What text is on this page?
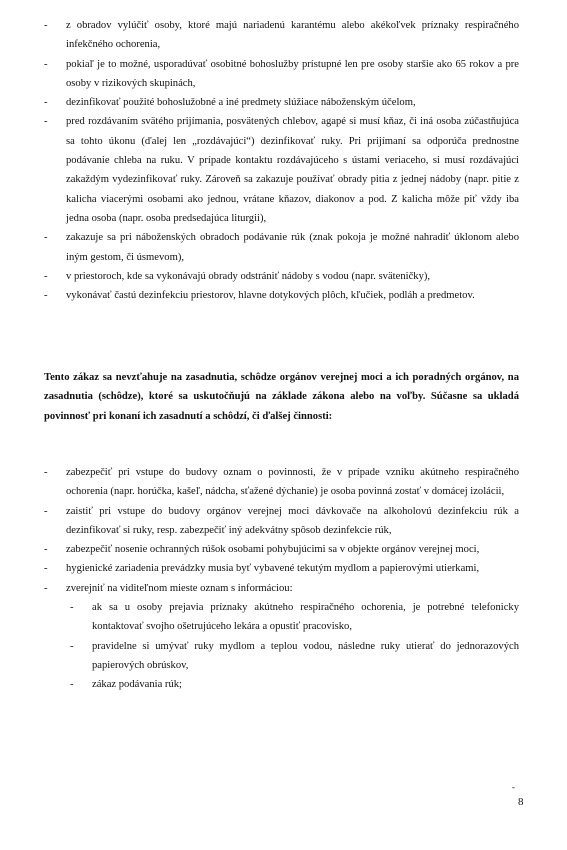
- z obradov vylúčiť osoby, ktoré majú nariadenú karantému alebo akékoľvek príznaky respiračného infekčného ochorenia,
- pokiaľ je to možné, usporadúvať osobitné bohoslužby prístupné len pre osoby staršie ako 65 rokov a pre osoby v rizikových skupinách,
- dezinfikovať použité bohoslužobné a iné predmety slúžiace náboženským účelom,
- pred rozdávaním svätého prijímania, posvätených chlebov, agapé si musí kňaz, či iná osoba zúčastňujúca sa tohto úkonu (ďalej len „rozdávajúci“) dezinfikovať ruky. Pri prijímaní sa odporúča prednostne podávanie chleba na ruku. V prípade kontaktu rozdávajúceho s ústami veriaceho, si musí rozdávajúci zakaždým vydezinfikovať ruky. Zároveň sa zakazuje používať obrady pitia z jednej nádoby (napr. pitie z kalicha viacerými osobami ako jednou, vrátane kňazov, diakonov a pod. Z kalicha môže piť vždy iba jedna osoba (napr. osoba predsedajúca liturgii),
- zakazuje sa pri náboženských obradoch podávanie rúk (znak pokoja je možné nahradiť úklonom alebo iným gestom, či úsmevom),
- v priestoroch, kde sa vykonávajú obrady odstrániť nádoby s vodou (napr. sväteničky),
- vykonávať častú dezinfekciu priestorov, hlavne dotykových plôch, kľučiek, podláh a predmetov.

Tento zákaz sa nevzťahuje na zasadnutia, schôdze orgánov verejnej moci a ich poradných orgánov, na zasadnutia (schôdze), ktoré sa uskutočňujú na základe zákona alebo na voľby. Súčasne sa ukladá povinnosť pri konaní ich zasadnutí a schôdzí, či ďalšej činnosti:

- zabezpečiť pri vstupe do budovy oznam o povinnosti, že v prípade vzniku akútneho respiračného ochorenia (napr. horúčka, kašeľ, nádcha, sťažené dýchanie) je osoba povinná zostať v domácej izolácii,
- zaistiť pri vstupe do budovy orgánov verejnej moci dávkovače na alkoholovú dezinfekciu rúk a dezinfikovať si ruky, resp. zabezpečiť iný adekvátny spôsob dezinfekcie rúk,
- zabezpečiť nosenie ochranných rúšok osobami pohybujúcimi sa v objekte orgánov verejnej moci,
- hygienické zariadenia prevádzky musia byť vybavené tekutým mydlom a papierovými utierkami,
- zverejniť na viditeľnom mieste oznam s informáciou:
- ak sa u osoby prejavia príznaky akútneho respiračného ochorenia, je potrebné telefonicky kontaktovať svojho ošetrujúceho lekára a opustiť pracovisko,
- pravidelne si umývať ruky mydlom a teplou vodou, následne ruky utierať do jednorazových papierových obrúskov,
- zákaz podávania rúk;
-
8
